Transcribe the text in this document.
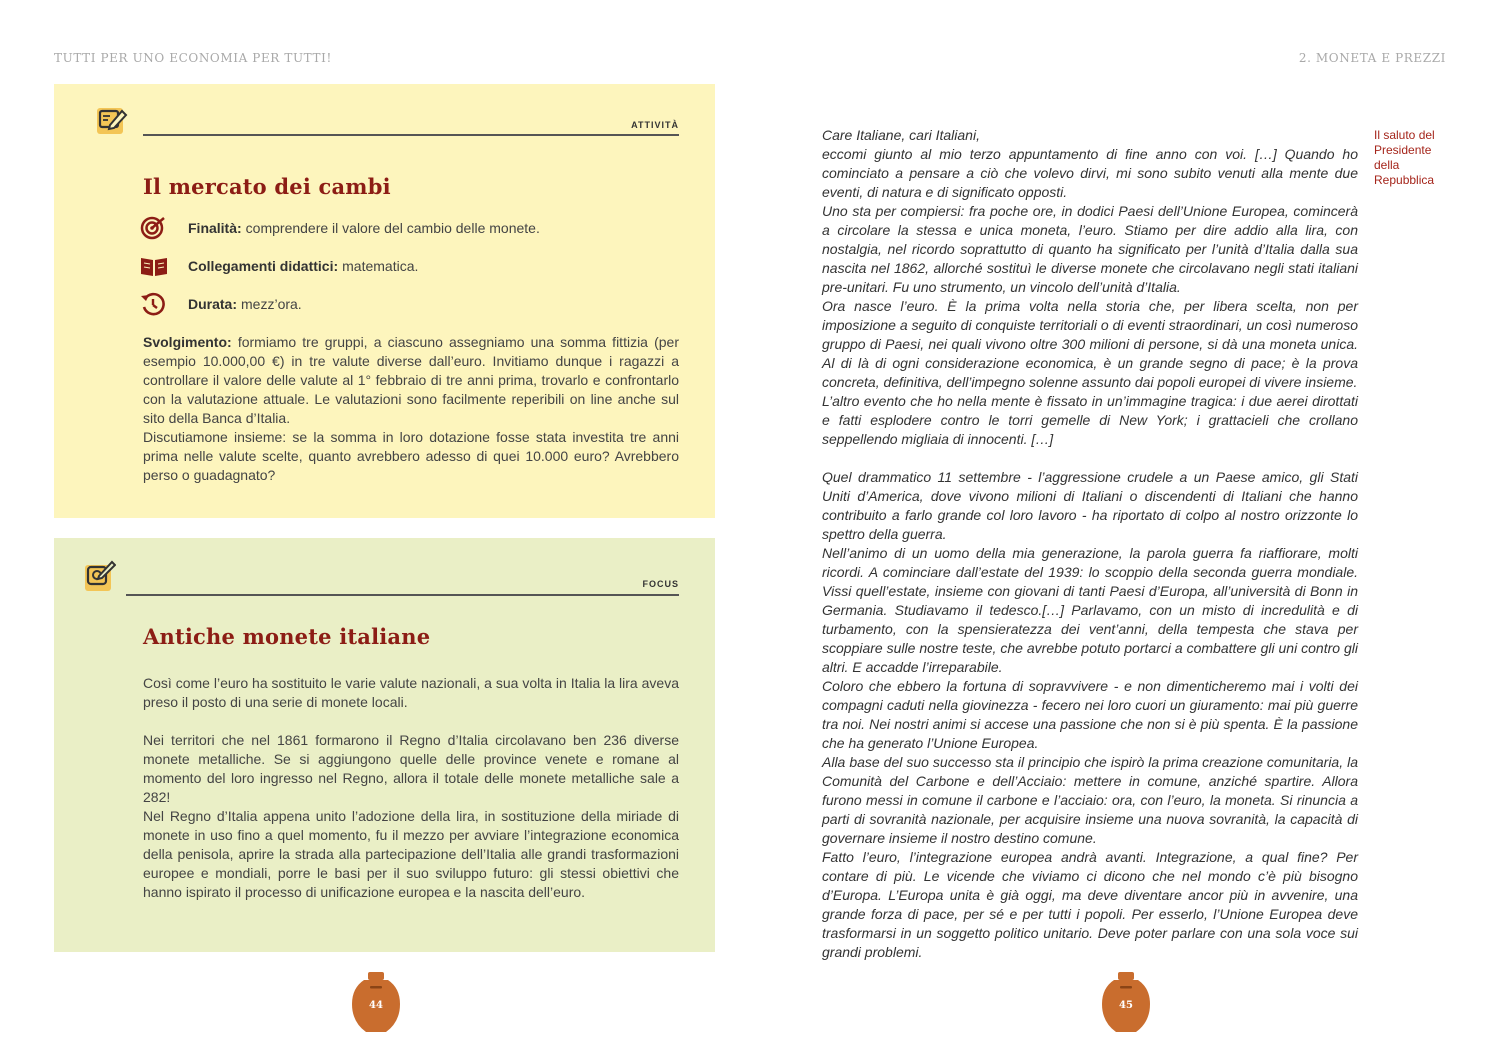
TUTTI PER UNO ECONOMIA PER TUTTI!	2. MONETA E PREZZI
ATTIVITÀ
Il mercato dei cambi
Finalità: comprendere il valore del cambio delle monete.
Collegamenti didattici: matematica.
Durata: mezz’ora.
Svolgimento: formiamo tre gruppi, a ciascuno assegniamo una somma fittizia (per esempio 10.000,00 €) in tre valute diverse dall’euro. Invitiamo dunque i ragazzi a controllare il valore delle valute al 1° febbraio di tre anni prima, trovarlo e confrontarlo con la valutazione attuale. Le valutazioni sono facilmente reperibili on line anche sul sito della Banca d’Italia.
Discutiamone insieme: se la somma in loro dotazione fosse stata investita tre anni prima nelle valute scelte, quanto avrebbero adesso di quei 10.000 euro? Avrebbero perso o guadagnato?
FOCUS
Antiche monete italiane
Così come l’euro ha sostituito le varie valute nazionali, a sua volta in Italia la lira aveva preso il posto di una serie di monete locali.
Nei territori che nel 1861 formarono il Regno d’Italia circolavano ben 236 diverse monete metalliche. Se si aggiungono quelle delle province venete e romane al momento del loro ingresso nel Regno, allora il totale delle monete metalliche sale a 282!
Nel Regno d’Italia appena unito l’adozione della lira, in sostituzione della miriade di monete in uso fino a quel momento, fu il mezzo per avviare l’integrazione economica della penisola, aprire la strada alla partecipazione dell’Italia alle grandi trasformazioni europee e mondiali, porre le basi per il suo sviluppo futuro: gli stessi obiettivi che hanno ispirato il processo di unificazione europea e la nascita dell’euro.

Care Italiane, cari Italiani,

eccomi giunto al mio terzo appuntamento di fine anno con voi. […] Quando ho cominciato a pensare a ciò che volevo dirvi, mi sono subito venuti alla mente due eventi, di natura e di significato opposti.

Uno sta per compiersi: fra poche ore, in dodici Paesi dell’Unione Europea, comincerà a circolare la stessa e unica moneta, l’euro. Stiamo per dire addio alla lira, con nostalgia, nel ricordo soprattutto di quanto ha significato per l’unità d’Italia dalla sua nascita nel 1862, allorché sostituì le diverse monete che circolavano negli stati italiani pre-unitari. Fu uno strumento, un vincolo dell’unità d’Italia.

Ora nasce l’euro. È la prima volta nella storia che, per libera scelta, non per imposizione a seguito di conquiste territoriali o di eventi straordinari, un così numeroso gruppo di Paesi, nei quali vivono oltre 300 milioni di persone, si dà una moneta unica. Al di là di ogni considerazione economica, è un grande segno di pace; è la prova concreta, definitiva, dell’impegno solenne assunto dai popoli europei di vivere insieme.

L’altro evento che ho nella mente è fissato in un’immagine tragica: i due aerei dirottati e fatti esplodere contro le torri gemelle di New York; i grattacieli che crollano seppellendo migliaia di innocenti. […]

Quel drammatico 11 settembre - l’aggressione crudele a un Paese amico, gli Stati Uniti d’America, dove vivono milioni di Italiani o discendenti di Italiani che hanno contribuito a farlo grande col loro lavoro - ha riportato di colpo al nostro orizzonte lo spettro della guerra.

Nell’animo di un uomo della mia generazione, la parola guerra fa riaffiorare, molti ricordi. A cominciare dall’estate del 1939: lo scoppio della seconda guerra mondiale. Vissi quell’estate, insieme con giovani di tanti Paesi d’Europa, all’università di Bonn in Germania. Studiavamo il tedesco.[…] Parlavamo, con un misto di incredulità e di turbamento, con la spensieratezza dei vent’anni, della tempesta che stava per scoppiare sulle nostre teste, che avrebbe potuto portarci a combattere gli uni contro gli altri. E accadde l’irreparabile.

Coloro che ebbero la fortuna di sopravvivere - e non dimenticheremo mai i volti dei compagni caduti nella giovinezza - fecero nei loro cuori un giuramento: mai più guerre tra noi. Nei nostri animi si accese una passione che non si è più spenta. È la passione che ha generato l’Unione Europea.

Alla base del suo successo sta il principio che ispirò la prima creazione comunitaria, la Comunità del Carbone e dell’Acciaio: mettere in comune, anziché spartire. Allora furono messi in comune il carbone e l’acciaio: ora, con l’euro, la moneta. Si rinuncia a parti di sovranità nazionale, per acquisire insieme una nuova sovranità, la capacità di governare insieme il nostro destino comune.

Fatto l’euro, l’integrazione europea andrà avanti. Integrazione, a qual fine? Per contare di più. Le vicende che viviamo ci dicono che nel mondo c’è più bisogno d’Europa. L’Europa unita è già oggi, ma deve diventare ancor più in avvenire, una grande forza di pace, per sé e per tutti i popoli. Per esserlo, l’Unione Europea deve trasformarsi in un soggetto politico unitario. Deve poter parlare con una sola voce sui grandi problemi.

Il saluto del Presidente della Repubblica
44	45
